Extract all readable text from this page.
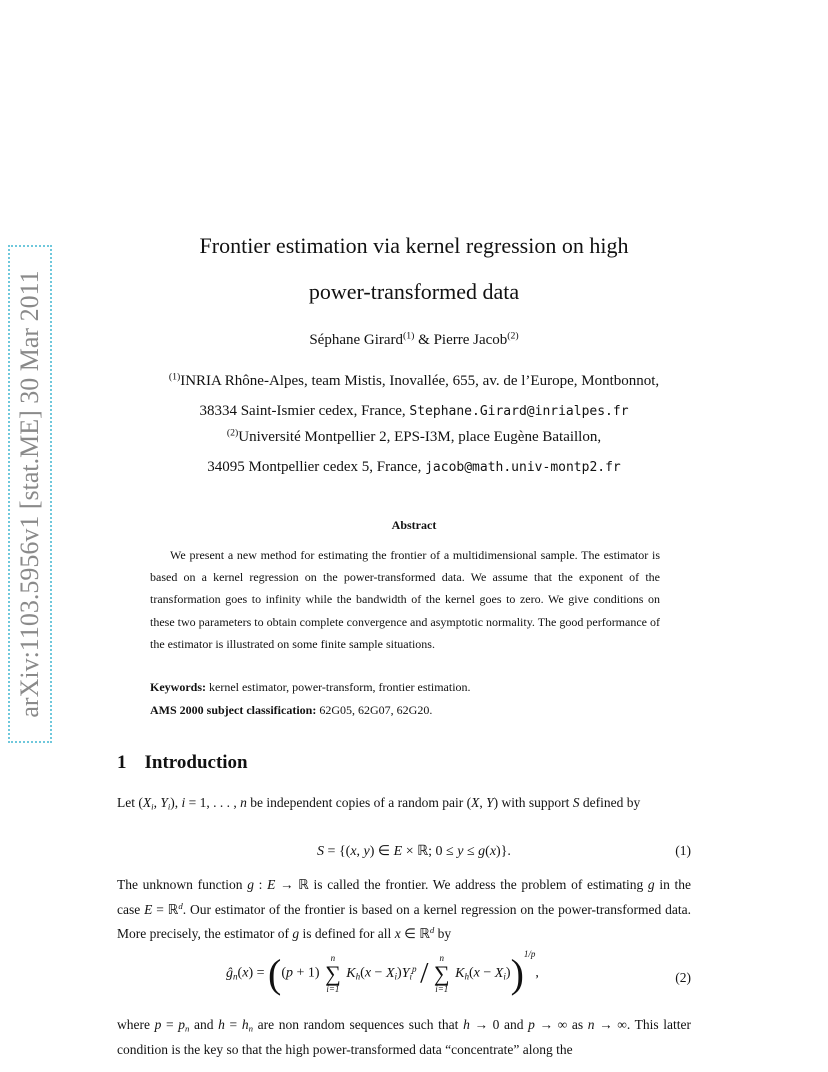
arXiv:1103.5956v1 [stat.ME] 30 Mar 2011
Frontier estimation via kernel regression on high
power-transformed data
Séphane Girard$^{(1)}$ & Pierre Jacob$^{(2)}$
$^{(1)}$INRIA Rhône-Alpes, team Mistis, Inovallée, 655, av. de l’Europe, Montbonnot,
38334 Saint-Ismier cedex, France, Stephane.Girard@inrialpes.fr
$^{(2)}$Université Montpellier 2, EPS-I3M, place Eugène Bataillon,
34095 Montpellier cedex 5, France, jacob@math.univ-montp2.fr
Abstract

We present a new method for estimating the frontier of a multidimensional sample. The estimator is based on a kernel regression on the power-transformed data. We assume that the exponent of the transformation goes to infinity while the bandwidth of the kernel goes to zero. We give conditions on these two parameters to obtain complete convergence and asymptotic normality. The good performance of the estimator is illustrated on some finite sample situations.

Keywords: kernel estimator, power-transform, frontier estimation.
AMS 2000 subject classification: 62G05, 62G07, 62G20.
1 Introduction

Let ($X_i$, $Y_i$), i = 1, . . . , n be independent copies of a random pair (X, Y) with support S defined by

S = {(x, y) ∈ E × ℝ; 0 ≤ y ≤ g(x)}.	(1)

The unknown function g : E → ℝ is called the frontier. We address the problem of estimating g in the case E = ℝ$^d$. Our estimator of the frontier is based on a kernel regression on the power-transformed data. More precisely, the estimator of g is defined for all x ∈ ℝ$^d$ by

$ĝ_n(x) = ((p + 1)$
n
∑
i=1
$K_h(x - X_i)Y_i^p$ /	n
∑
i=1
$K_h(x - X_i))^{1/p}$,	(2)

where $p = p_n$ and $h = h_n$ are non random sequences such that h → 0 and p → ∞ as n → ∞. This latter condition is the key so that the high power-transformed data “concentrate” along the
